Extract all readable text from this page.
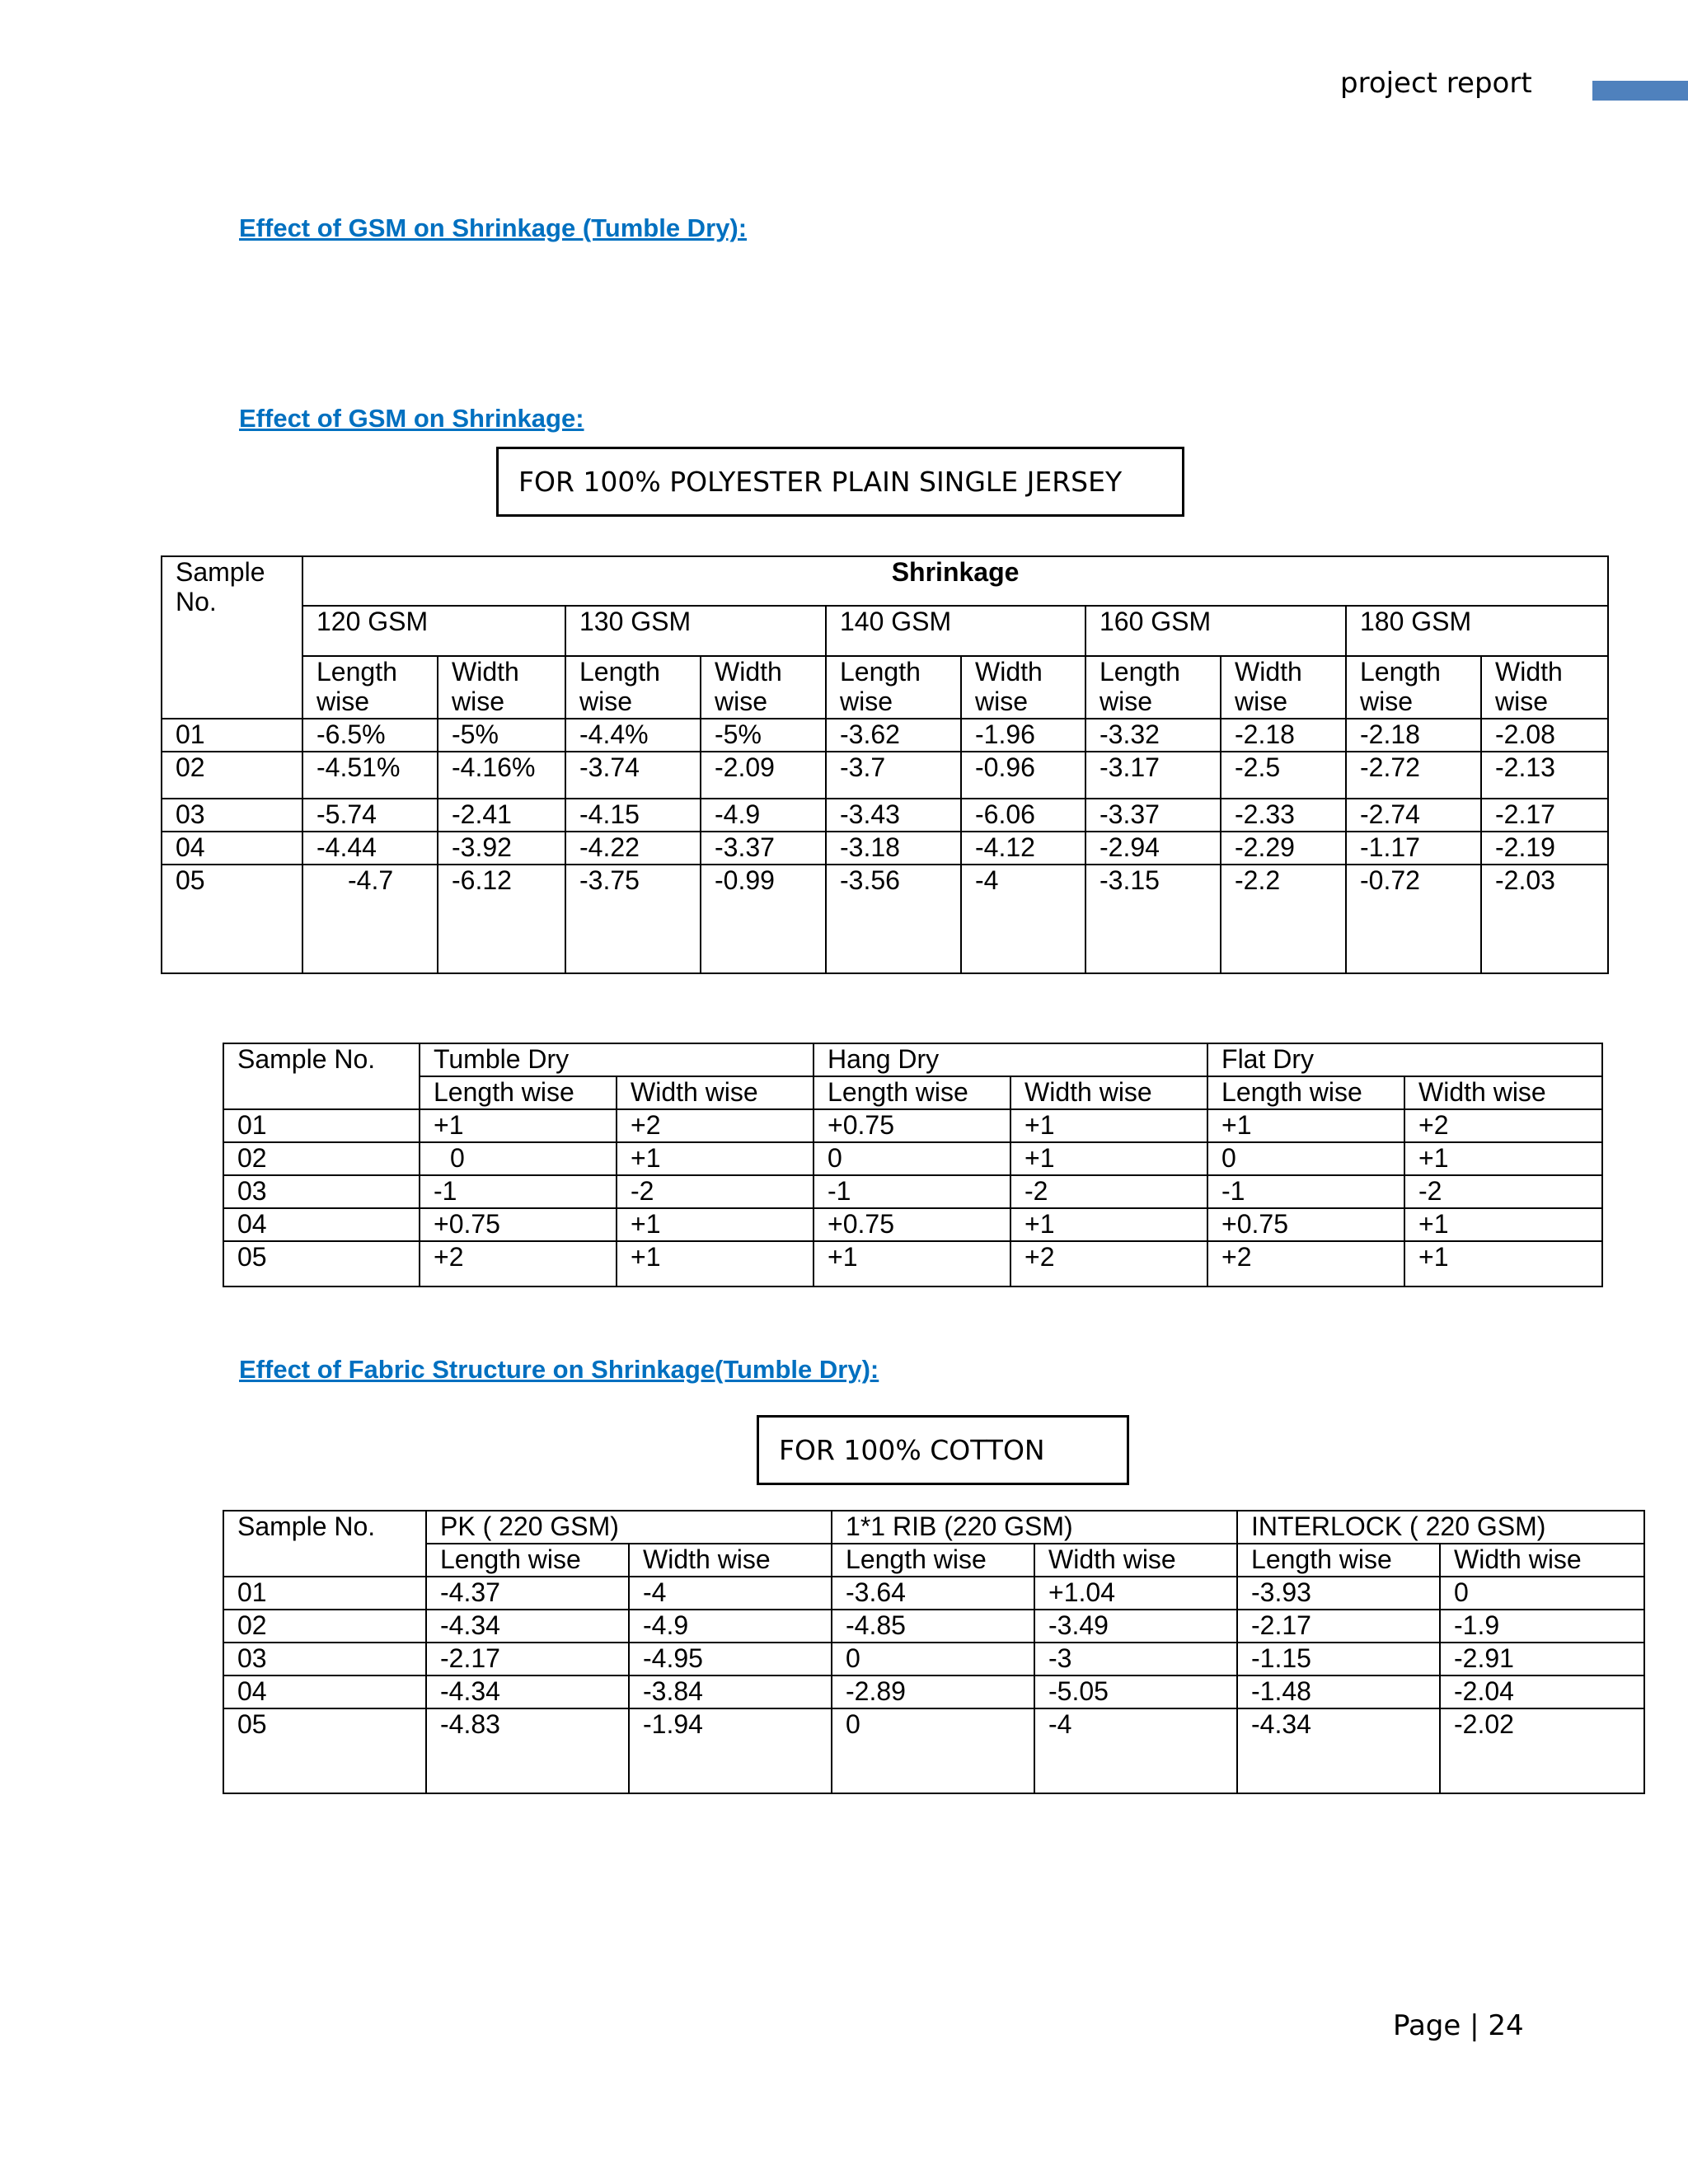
project report
Effect of GSM on Shrinkage (Tumble Dry):
Effect of GSM on Shrinkage:
FOR 100% POLYESTER PLAIN SINGLE JERSEY
Sample No.	Shrinkage									
	120 GSM		130 GSM		140 GSM		160 GSM		180 GSM	
	Length wise	Width wise	Length wise	Width wise	Length wise	Width wise	Length wise	Width wise	Length wise	Width wise
01	-6.5%	-5%	-4.4%	-5%	-3.62	-1.96	-3.32	-2.18	-2.18	-2.08
02	-4.51%	-4.16%	-3.74	-2.09	-3.7	-0.96	-3.17	-2.5	-2.72	-2.13
03	-5.74	-2.41	-4.15	-4.9	-3.43	-6.06	-3.37	-2.33	-2.74	-2.17
04	-4.44	-3.92	-4.22	-3.37	-3.18	-4.12	-2.94	-2.29	-1.17	-2.19
05	-4.7	-6.12	-3.75	-0.99	-3.56	-4	-3.15	-2.2	-0.72	-2.03
Sample No.	Tumble Dry		Hang Dry		Flat Dry	
	Length wise	Width wise	Length wise	Width wise	Length wise	Width wise
01	+1	+2	+0.75	+1	+1	+2
02	0	+1	0	+1	0	+1
03	-1	-2	-1	-2	-1	-2
04	+0.75	+1	+0.75	+1	+0.75	+1
05	+2	+1	+1	+2	+2	+1
Effect of Fabric Structure on Shrinkage(Tumble Dry):
FOR 100% COTTON
Sample No.	PK ( 220 GSM)		1*1 RIB (220 GSM)		INTERLOCK ( 220 GSM)	
	Length wise	Width wise	Length wise	Width wise	Length wise	Width wise
01	-4.37	-4	-3.64	+1.04	-3.93	0
02	-4.34	-4.9	-4.85	-3.49	-2.17	-1.9
03	-2.17	-4.95	0	-3	-1.15	-2.91
04	-4.34	-3.84	-2.89	-5.05	-1.48	-2.04
05	-4.83	-1.94	0	-4	-4.34	-2.02
Page | 24
